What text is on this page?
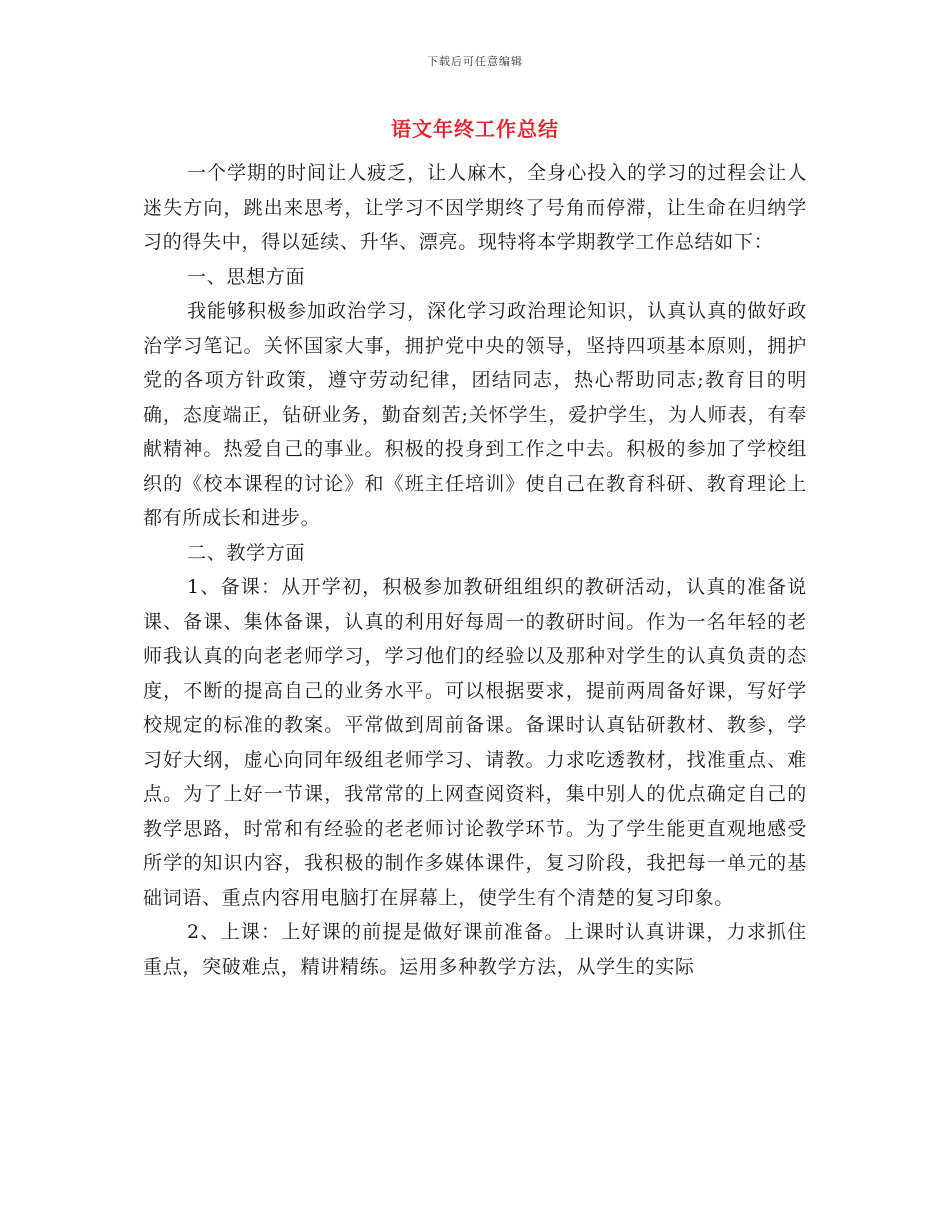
下载后可任意编辑
语文年终工作总结

一个学期的时间让人疲乏，让人麻木，全身心投入的学习的过程会让人迷失方向，跳出来思考，让学习不因学期终了号角而停滞，让生命在归纳学习的得失中，得以延续、升华、漂亮。现特将本学期教学工作总结如下：

一、思想方面

我能够积极参加政治学习，深化学习政治理论知识，认真认真的做好政治学习笔记。关怀国家大事，拥护党中央的领导，坚持四项基本原则，拥护党的各项方针政策，遵守劳动纪律，团结同志，热心帮助同志;教育目的明确，态度端正，钻研业务，勤奋刻苦;关怀学生，爱护学生，为人师表，有奉献精神。热爱自己的事业。积极的投身到工作之中去。积极的参加了学校组织的《校本课程的讨论》和《班主任培训》使自己在教育科研、教育理论上都有所成长和进步。

二、教学方面

1、备课：从开学初，积极参加教研组组织的教研活动，认真的准备说课、备课、集体备课，认真的利用好每周一的教研时间。作为一名年轻的老师我认真的向老老师学习，学习他们的经验以及那种对学生的认真负责的态度，不断的提高自己的业务水平。可以根据要求，提前两周备好课，写好学校规定的标准的教案。平常做到周前备课。备课时认真钻研教材、教参，学习好大纲，虚心向同年级组老师学习、请教。力求吃透教材，找准重点、难点。为了上好一节课，我常常的上网查阅资料，集中别人的优点确定自己的教学思路，时常和有经验的老老师讨论教学环节。为了学生能更直观地感受所学的知识内容，我积极的制作多媒体课件，复习阶段，我把每一单元的基础词语、重点内容用电脑打在屏幕上，使学生有个清楚的复习印象。

2、上课：上好课的前提是做好课前准备。上课时认真讲课，力求抓住重点，突破难点，精讲精练。运用多种教学方法，从学生的实际
